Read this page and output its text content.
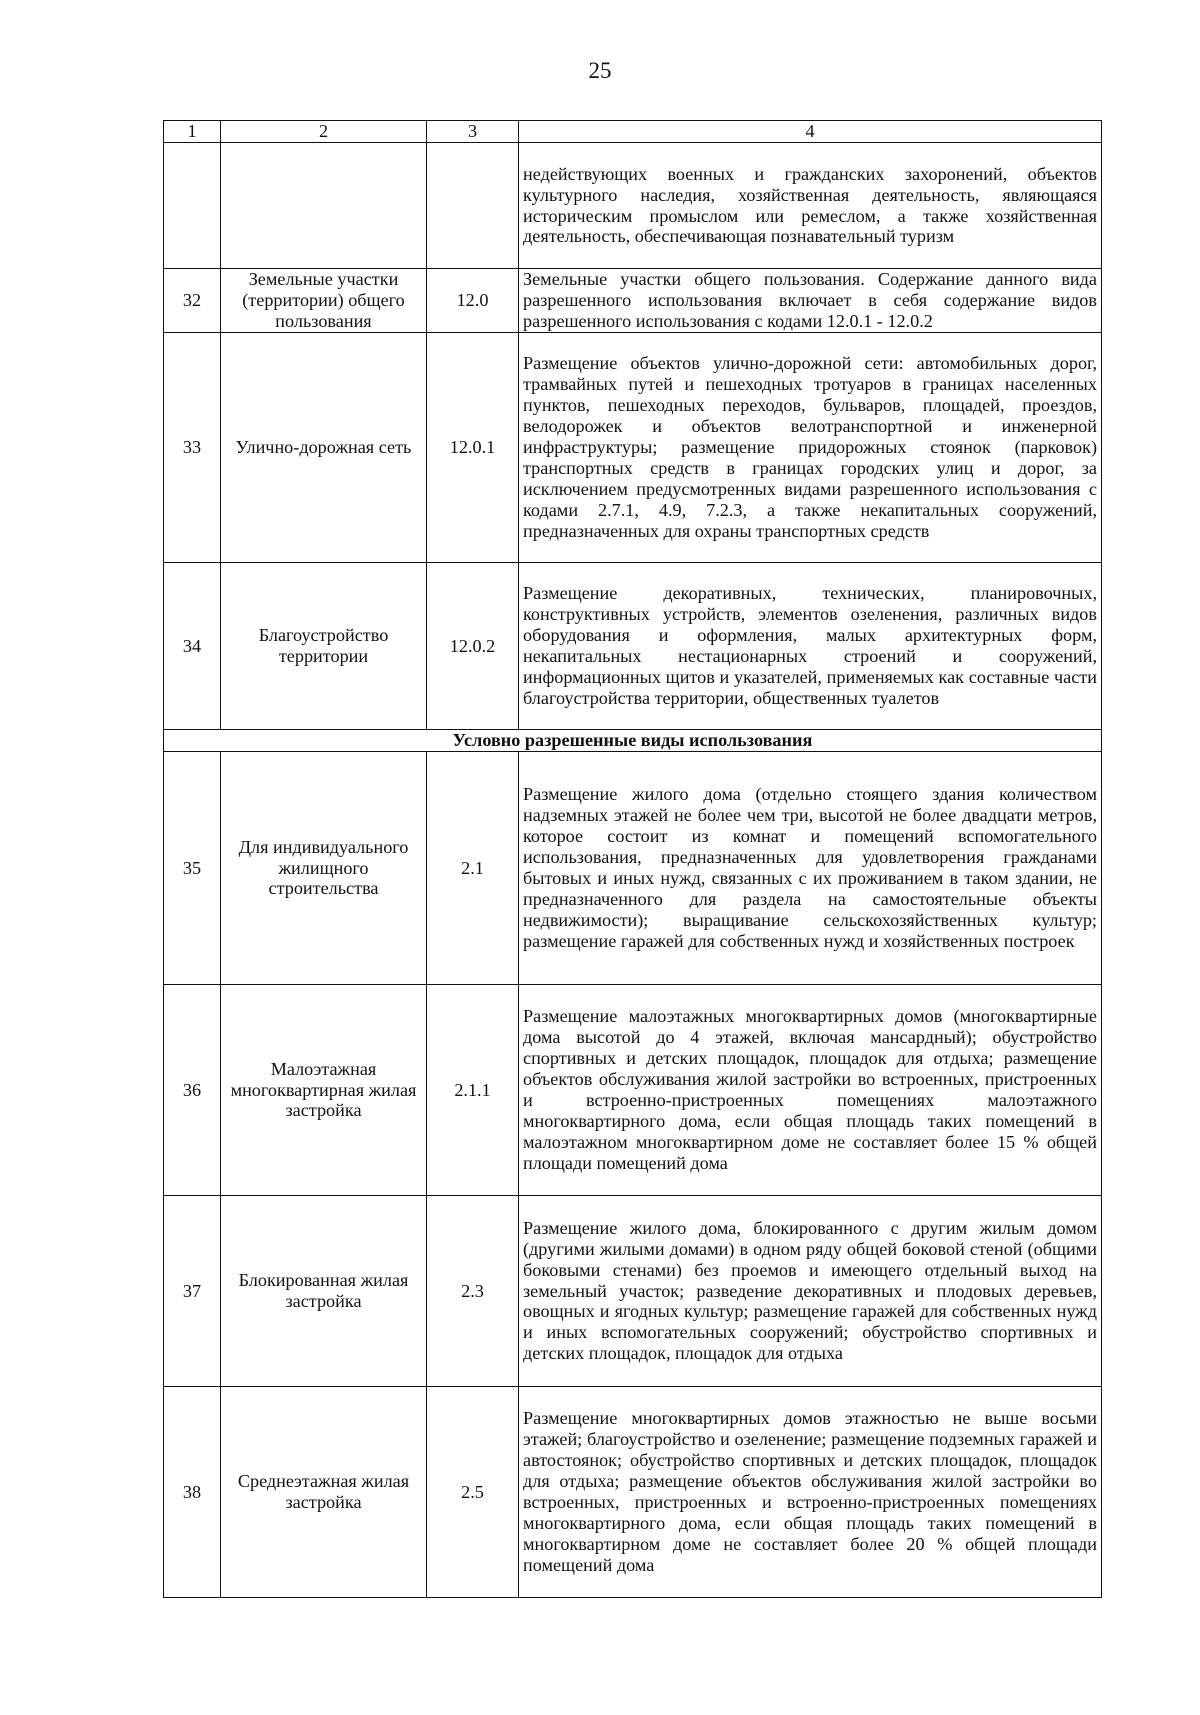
25
1	2	3	4
			недействующих военных и гражданских захоронений, объектов культурного наследия, хозяйственная деятельность, являющаяся историческим промыслом или ремеслом, а также хозяйственная деятельность, обеспечивающая познавательный туризм
32	Земельные участки (территории) общего пользования	12.0	Земельные участки общего пользования. Содержание данного вида разрешенного использования включает в себя содержание видов разрешенного использования с кодами 12.0.1 - 12.0.2
33	Улично-дорожная сеть	12.0.1	Размещение объектов улично-дорожной сети: автомобильных дорог, трамвайных путей и пешеходных тротуаров в границах населенных пунктов, пешеходных переходов, бульваров, площадей, проездов, велодорожек и объектов велотранспортной и инженерной инфраструктуры; размещение придорожных стоянок (парковок) транспортных средств в границах городских улиц и дорог, за исключением предусмотренных видами разрешенного использования с кодами 2.7.1, 4.9, 7.2.3, а также некапитальных сооружений, предназначенных для охраны транспортных средств
34	Благоустройство территории	12.0.2	Размещение декоративных, технических, планировочных, конструктивных устройств, элементов озеленения, различных видов оборудования и оформления, малых архитектурных форм, некапитальных нестационарных строений и сооружений, информационных щитов и указателей, применяемых как составные части благоустройства территории, общественных туалетов
Условно разрешенные виды использования			
35	Для индивидуального жилищного строительства	2.1	Размещение жилого дома (отдельно стоящего здания количеством надземных этажей не более чем три, высотой не более двадцати метров, которое состоит из комнат и помещений вспомогательного использования, предназначенных для удовлетворения гражданами бытовых и иных нужд, связанных с их проживанием в таком здании, не предназначенного для раздела на самостоятельные объекты недвижимости); выращивание сельскохозяйственных культур; размещение гаражей для собственных нужд и хозяйственных построек
36	Малоэтажная многоквартирная жилая застройка	2.1.1	Размещение малоэтажных многоквартирных домов (многоквартирные дома высотой до 4 этажей, включая мансардный); обустройство спортивных и детских площадок, площадок для отдыха; размещение объектов обслуживания жилой застройки во встроенных, пристроенных и встроенно-пристроенных помещениях малоэтажного многоквартирного дома, если общая площадь таких помещений в малоэтажном многоквартирном доме не составляет более 15 % общей площади помещений дома
37	Блокированная жилая застройка	2.3	Размещение жилого дома, блокированного с другим жилым домом (другими жилыми домами) в одном ряду общей боковой стеной (общими боковыми стенами) без проемов и имеющего отдельный выход на земельный участок; разведение декоративных и плодовых деревьев, овощных и ягодных культур; размещение гаражей для собственных нужд и иных вспомогательных сооружений; обустройство спортивных и детских площадок, площадок для отдыха
38	Среднеэтажная жилая застройка	2.5	Размещение многоквартирных домов этажностью не выше восьми этажей; благоустройство и озеленение; размещение подземных гаражей и автостоянок; обустройство спортивных и детских площадок, площадок для отдыха; размещение объектов обслуживания жилой застройки во встроенных, пристроенных и встроенно-пристроенных помещениях многоквартирного дома, если общая площадь таких помещений в многоквартирном доме не составляет более 20 % общей площади помещений дома
